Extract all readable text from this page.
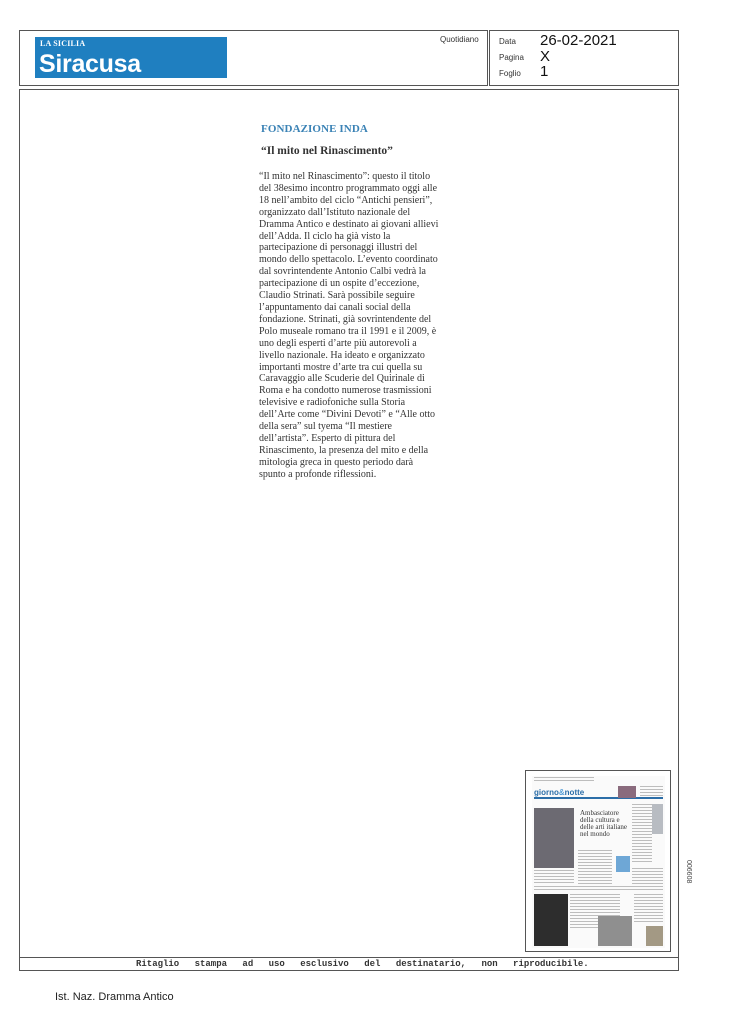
LA SICILIA
Siracusa
Quotidiano	Data 26-02-2021
Pagina X
Foglio 1
FONDAZIONE INDA
“Il mito nel Rinascimento”
“Il mito nel Rinascimento”: questo il titolo del 38esimo incontro programmato oggi alle 18 nell’ambito del ciclo “Antichi pensieri”, organizzato dall’Istituto nazionale del Dramma Antico e destinato ai giovani allievi dell’Adda. Il ciclo ha già visto la partecipazione di personaggi illustri del mondo dello spettacolo. L’evento coordinato dal sovrintendente Antonio Calbi vedrà la partecipazione di un ospite d’eccezione, Claudio Strinati. Sarà possibile seguire l’appuntamento dai canali social della fondazione. Strinati, già sovrintendente del Polo museale romano tra il 1991 e il 2009, è uno degli esperti d’arte più autorevoli a livello nazionale. Ha ideato e organizzato importanti mostre d’arte tra cui quella su Caravaggio alle Scuderie del Quirinale di Roma e ha condotto numerose trasmissioni televisive e radiofoniche sulla Storia dell’Arte come “Divini Devoti” e “Alle otto della sera” sul tyema “Il mestiere dell’artista”. Esperto di pittura del Rinascimento, la presenza del mito e della mitologia greca in questo periodo darà spunto a profonde riflessioni.
giorno&notte
Ambasciatore della cultura e delle arti italiane nel mondo
006608
Ritaglio stampa ad uso esclusivo del destinatario, non riproducibile.
Ist. Naz. Dramma Antico
